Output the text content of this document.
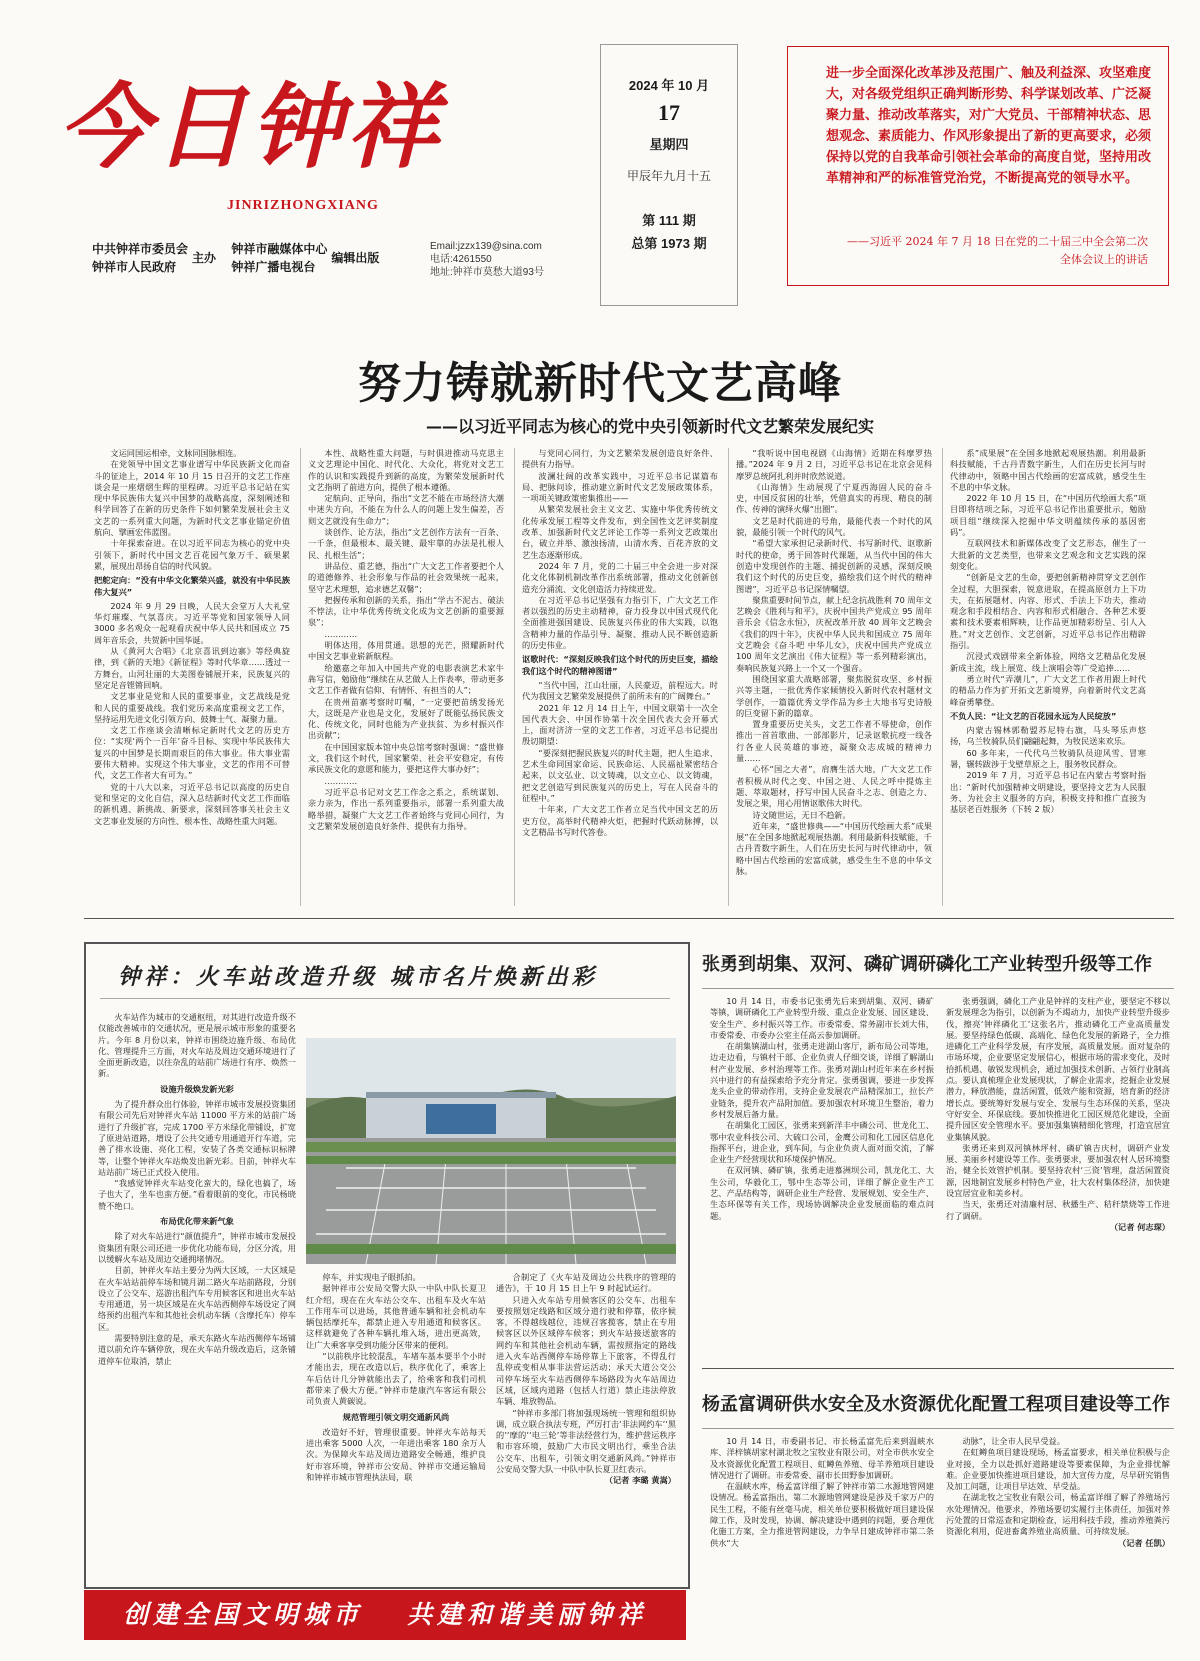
今日钟祥
JINRIZHONGXIANG
中共钟祥市委员会
钟祥市人民政府
主办
钟祥市融媒体中心
钟祥广播电视台
编辑出版
Email:jzzx139@sina.com
电话:4261550
地址:钟祥市莫愁大道93号
2024 年 10 月
17
星期四
甲辰年九月十五
第 111 期
总第 1973 期
进一步全面深化改革涉及范围广、触及利益深、攻坚难度大，对各级党组织正确判断形势、科学谋划改革、广泛凝聚力量、推动改革落实，对广大党员、干部精神状态、思想观念、素质能力、作风形象提出了新的更高要求，必须保持以党的自我革命引领社会革命的高度自觉，坚持用改革精神和严的标准管党治党，不断提高党的领导水平。
——习近平 2024 年 7 月 18 日在党的二十届三中全会第二次全体会议上的讲话
努力铸就新时代文艺高峰
——以习近平同志为核心的党中央引领新时代文艺繁荣发展纪实

文运同国运相牵，文脉同国脉相连。

在党领导中国文艺事业谱写中华民族新文化而奋斗的征途上，2014 年 10 月 15 日召开的文艺工作座谈会是一座熠熠生辉的里程碑。习近平总书记站在实现中华民族伟大复兴中国梦的战略高度，深刻阐述和科学回答了在新的历史条件下如何繁荣发展社会主义文艺的一系列重大问题，为新时代文艺事业锚定价值航向、擘画宏伟蓝图。

十年探索奋进。在以习近平同志为核心的党中央引领下，新时代中国文艺百花园气象万千、硕果累累，展现出昂扬自信的时代风貌。

把舵定向：“没有中华文化繁荣兴盛，就没有中华民族伟大复兴”

2024 年 9 月 29 日晚，人民大会堂万人大礼堂华灯璀璨、气氛喜庆。习近平等党和国家领导人同 3000 多名观众一起观看庆祝中华人民共和国成立 75 周年音乐会，共贺新中国华诞。

从《黄河大合唱》《北京喜讯到边寨》等经典旋律，到《新的天地》《新征程》等时代华章……透过一方舞台，山河壮丽的大美图卷铺展开来，民族复兴的坚定足音铿锵回响。

文艺事业是党和人民的重要事业，文艺战线是党和人民的重要战线。我们党历来高度重视文艺工作，坚持运用先进文化引领方向、鼓舞士气、凝聚力量。

文艺工作座谈会清晰标定新时代文艺的历史方位：“实现‘两个一百年’奋斗目标、实现中华民族伟大复兴的中国梦是长期而艰巨的伟大事业。伟大事业需要伟大精神。实现这个伟大事业，文艺的作用不可替代，文艺工作者大有可为。”

党的十八大以来，习近平总书记以高度的历史自觉和坚定的文化自信，深入总结新时代文艺工作面临的新机遇、新挑战、新要求，深刻回答事关社会主义文艺事业发展的方向性、根本性、战略性重大问题。

本性、战略性重大问题，与时俱进推动马克思主义文艺理论中国化、时代化、大众化，将党对文艺工作的认识和实践提升到新的高度，为繁荣发展新时代文艺指明了前进方向，提供了根本遵循。

定航向、正导向，指出“文艺不能在市场经济大潮中迷失方向，不能在为什么人的问题上发生偏差，否则文艺就没有生命力”；

谈创作、论方法，指出“文艺创作方法有一百条、一千条，但最根本、最关键、最牢靠的办法是扎根人民、扎根生活”；

讲品位、重艺德，指出“广大文艺工作者要把个人的道德修养、社会形象与作品的社会效果统一起来，坚守艺术理想，追求德艺双馨”；

把握传承和创新的关系，指出“学古不泥古、破法不悖法，让中华优秀传统文化成为文艺创新的重要源泉”；

…………

明体达用，体用贯通。思想的光芒，照耀新时代中国文艺事业崭新航程。

给邀嘉之年加入中国共产党的电影表演艺术家牛犇写信，勉励他“继续在从艺做人上作表率，带动更多文艺工作者做有信仰、有情怀、有担当的人”；

在贵州苗寨考察时叮嘱，“一定要把苗绣发扬光大，这既是产业也是文化，发展好了既能弘扬民族文化、传统文化，同时也能为产业扶贫、为乡村振兴作出贡献”；

在中国国家版本馆中央总馆考察时强调：“盛世修文，我们这个时代，国家繁荣、社会平安稳定，有传承民族文化的意愿和能力，要把这件大事办好”；

…………

习近平总书记对文艺工作念之系之，系统谋划、亲力亲为，作出一系列重要指示，部署一系列重大战略举措，凝聚广大文艺工作者始终与党同心同行，为文艺繁荣发展创造良好条件、提供有力指导。

与党同心同行，为文艺繁荣发展创造良好条件、提供有力指导。

波澜壮阔的改革实践中，习近平总书记谋篇布局、把脉问诊，推动建立新时代文艺发展政策体系，一项项关键政策密集推出——

从繁荣发展社会主义文艺、实施中华优秀传统文化传承发展工程等文件发布，到全国性文艺评奖制度改革、加强新时代文艺评论工作等一系列文艺政策出台，破立并举、激浊扬清，山清水秀、百花齐放的文艺生态逐渐形成。

2024 年 7 月，党的二十届三中全会进一步对深化文化体制机制改革作出系统部署，推动文化创新创造充分涌流、文化创造活力持续迸发。

在习近平总书记坚强有力指引下，广大文艺工作者以强烈的历史主动精神，奋力投身以中国式现代化全面推进强国建设、民族复兴伟业的伟大实践，以饱含精神力量的作品引导、凝聚、推动人民不断创造新的历史伟业。

讴歌时代：“深刻反映我们这个时代的历史巨变，描绘我们这个时代的精神图谱”

“当代中国，江山壮丽，人民豪迈，前程远大。时代为我国文艺繁荣发展提供了前所未有的广阔舞台。”

2021 年 12 月 14 日上午，中国文联第十一次全国代表大会、中国作协第十次全国代表大会开幕式上，面对济济一堂的文艺工作者，习近平总书记提出殷切期望：

“要深刻把握民族复兴的时代主题，把人生追求、艺术生命同国家命运、民族命运、人民福祉紧密结合起来，以文弘业、以文铸魂，以文立心、以文铸魂，把文艺创造写到民族复兴的历史上，写在人民奋斗的征程中。”

十年来，广大文艺工作者立足当代中国文艺的历史方位，高举时代精神火炬，把握时代跃动脉搏，以文艺精品书写时代答卷。

“我听说中国电视剧《山海情》近期在科摩罗热播。”2024 年 9 月 2 日，习近平总书记在北京会见科摩罗总统阿扎利并时欣然说道。

《山海情》生动展现了宁夏西海固人民的奋斗史，中国反贫困的壮举，凭借真实的再现、精良的制作、传神的演绎火爆“出圈”。

文艺是时代前进的号角，最能代表一个时代的风貌，最能引领一个时代的风气。

“希望大家承担记录新时代、书写新时代、讴歌新时代的使命，勇于回答时代课题，从当代中国的伟大创造中发现创作的主题、捕捉创新的灵感，深刻反映我们这个时代的历史巨变，描绘我们这个时代的精神图谱”，习近平总书记深情嘱望。

聚焦重要时间节点，献上纪念抗战胜利 70 周年文艺晚会《胜利与和平》，庆祝中国共产党成立 95 周年音乐会《信念永恒》，庆祝改革开放 40 周年文艺晚会《我们的四十年》，庆祝中华人民共和国成立 75 周年文艺晚会《奋斗吧 中华儿女》，庆祝中国共产党成立 100 周年文艺演出《伟大征程》等一系列精彩演出，奏响民族复兴路上一个又一个强音。

围绕国家重大战略部署，聚焦脱贫攻坚、乡村振兴等主题，一批优秀作家倾情投入新时代农村题材文学创作，一篇篇优秀文学作品为乡土大地书写史诗般的巨变留下新的篇章。

置身重要历史关头，文艺工作者不辱使命，创作推出一首首歌曲、一部部影片，记录讴歌抗疫一线各行各业人民英雄的事迹，凝聚众志成城的精神力量……

心怀“国之大者”，肩膺生活大地，广大文艺工作者积极从时代之变、中国之进、人民之呼中提炼主题、萃取题材，抒写中国人民奋斗之志、创造之力、发展之果，用心用情讴歌伟大时代。

诗文随世运，无日不趋新。

近年来，“盛世修典——“中国历代绘画大系”成果展”在全国多地掀起观展热潮。利用最新科技赋能，千古丹青数字新生，人们在历史长河与时代律动中，领略中国古代绘画的宏富成就，感受生生不息的中华文脉。

系”成果展”在全国多地掀起观展热潮。利用最新科技赋能，千古丹青数字新生，人们在历史长河与时代律动中，领略中国古代绘画的宏富成就，感受生生不息的中华文脉。

2022 年 10 月 15 日，在“中国历代绘画大系”项目即将结项之际，习近平总书记作出重要批示，勉励项目组“继续深入挖掘中华文明蕴续传承的基因密码”。

互联网技术和新媒体改变了文艺形态，催生了一大批新的文艺类型，也带来文艺观念和文艺实践的深刻变化。

“创新是文艺的生命，要把创新精神贯穿文艺创作全过程，大胆探索，锐意进取，在提高原创力上下功夫，在拓展题材、内容、形式、手法上下功夫，推动观念和手段相结合、内容和形式相融合、各种艺术要素和技术要素相辉映，让作品更加精彩纷呈、引人入胜。”对文艺创作、文艺创新，习近平总书记作出精辟指引。

沉浸式戏剧带来全新体验，网络文艺精品化发展新成主流，线上展览、线上演唱会等广受追捧……

勇立时代“弄潮儿”，广大文艺工作者用跟上时代的精品力作为扩开拓文艺新境界，向着新时代文艺高峰奋勇攀登。

不负人民：“让文艺的百花园永远为人民绽放”

内蒙古锡林郭勒盟苏尼特右旗，马头琴乐声悠扬，乌兰牧骑队员们翩翩起舞，为牧民送来欢乐。

60 多年来，一代代乌兰牧骑队员迎风雪、冒寒暑，辗转跋涉于戈壁草原之上，服务牧民群众。

2019 年 7 月，习近平总书记在内蒙古考察时指出：“新时代加强精神文明建设，要坚持文艺为人民服务、为社会主义服务的方向，积极支持和推广直接为基层老百姓服务（下转 2 版）

钟祥：火车站改造升级 城市名片焕新出彩

火车站作为城市的交通枢纽，对其进行改造升级不仅能改善城市的交通状况，更是展示城市形象的重要名片。今年 8 月份以来，钟祥市围绕边施升级、布局优化、管理提升三方面，对火车站及周边交通环境进行了全面更新改造，以往杂乱的站前广场进行有序、焕然一新。

设施升级焕发新光彩

为了提升群众出行体验，钟祥市城市发展投资集团有限公司先后对钟祥火车站 11000 平方米的站前广场进行了升级扩容，完成 1700 平方米绿化带铺设，扩宽了原进站道路，增设了公共交通专用通道开行车道，完善了排水设施、亮化工程，安装了各类交通标识标牌等，让整个钟祥火车站焕发出新光彩。目前，钟祥火车站站前广场已正式投入使用。

“我感觉钟祥火车站变化蛮大的，绿化也搞了，场子也大了，坐车也蛮方便。”看着眼前的变化，市民杨晓赞不绝口。

布局优化带来新气象

除了对火车站进行“颜值提升”，钟祥市城市发展投资集团有限公司还进一步优化功能布局，分区分流，用以缓解火车站及周边交通拥堵情况。

目前，钟祥火车站主要分为两大区域，一大区域是在火车站站前停车场和镜月湖二路火车站前路段，分别设立了公交车、巡游出租汽车专用候客区和进出火车站专用通道，另一块区域是在火车站西侧停车场设定了网络预约出租汽车和其他社会机动车辆（含摩托车）停车区。

需要特别注意的是，承天东路火车站西侧停车场铺道以前允许车辆停放，现在火车站升级改造后，这条铺道停车位取消，禁止

停车，并实现电子眼抓拍。

据钟祥市公安局交警大队一中队中队长夏卫红介绍，现在在火车站公交车、出租车及火车站工作用车可以进场，其他普通车辆和社会机动车辆包括摩托车，都禁止进入专用通道和候客区。这样就避免了各种车辆扎堆入场，进出更高效，让广大乘客享受到功能分区带来的便利。

“以前秩序比较混乱，车堵车基本要半个小时才能出去，现在改造以后，秩序优化了，乘客上车后估计几分钟就能出去了，给乘客和我们司机都带来了极大方便。”钟祥市楚康汽车客运有限公司负责人黄碳说。

规范管理引领文明交通新风尚

改造好不好，管理很重要。钟祥火车站每天进出乘客 5000 人次，一年进出乘客 180 余万人次。为保障火车站及周边道路安全畅通，维护良好市容环境，钟祥市公安局、钟祥市交通运输局和钟祥市城市管理执法局，联

合制定了《火车站及周边公共秩序的管理的通告》，于 10 月 15 日上午 9 时起试运行。

只进入火车站专用候客区的公交车、出租车要按照划定线路和区域分道行驶和停靠，依序候客，不得越线越位，违规召客揽客，禁止在专用候客区以外区域停车候客；到火车站接送旅客的网约车和其他社会机动车辆，需按照指定的路线进入火车站西侧停车场停靠上下旅客，不得乱行乱停或变相从事非法营运活动；承天大道公交公司停车场至火车站西侧停车场路段为火车站周边区域，区域内道路（包括人行道）禁止违法停放车辆、堆放物品。

“钟祥市多部门将加强现场统一管理和组织协调，成立联合执法专班，严厉打击‘非法网约车’‘黑的’‘摩的’‘电三轮’等非法经营行为，维护营运秩序和市容环境，鼓励广大市民文明出行，乘坐合法公交车、出租车，引领文明交通新风尚。”钟祥市公安局交警大队一中队中队长夏卫红表示。

（记者 李璐 黄嵩）

创建全国文明城市 共建和谐美丽钟祥
张勇到胡集、双河、磷矿调研磷化工产业转型升级等工作

10 月 14 日，市委书记张勇先后来到胡集、双河、磷矿等镇，调研磷化工产业转型升级、重点企业发展、园区建设、安全生产、乡村振兴等工作。市委常委、常务副市长刘大伟，市委常委、市委办公室主任高云参加调研。

在胡集镇湖山村，张勇走进湖山客厅，新布局公司等地，边走边看，与镇村干部、企业负责人仔细交谈，详细了解湖山村产业发展、乡村治理等工作。张勇对湖山村近年来在乡村振兴中进行的有益探索给予充分肯定。张勇强调，要进一步发挥龙头企业的带动作用，支持企业发展农产品精深加工，拉长产业链条，提升农产品附加值。要加强农村环境卫生整治，着力乡村发展后备力量。

在胡集化工园区，张勇来到新洋丰中磷公司、世龙化工、鄂中农业科技公司、大硫口公司，金鹰公司和化工园区信息化指挥平台，进企业，到车间，与企业负责人面对面交流，了解企业生产经营现状和环境保护情况。

在双河镇、磷矿镇，张勇走进慕洲坝公司，凯龙化工、大生公司，华毅化工，鄂中生态等公司，详细了解企业生产工艺、产品结构等，调研企业生产经营、发展规划、安全生产、生态环保等有关工作，现场协调解决企业发展面临的难点问题。

张勇强调，磷化工产业是钟祥的支柱产业，要坚定不移以新发展理念为指引，以创新为不竭动力，加快产业转型升级步伐，擦亮‘钟祥磷化工’这张名片，推动磷化工产业高质量发展。要坚持绿色低碳、高端化、绿色化发展的新路子，全力推进磷化工产业科学发展，有序发展，高质量发展。面对复杂的市场环境，企业要坚定发展信心，根据市场的需求变化，及时拾抓机遇、敏锐发现机会，通过加强技术创新、占领行业制高点。要认真梳理企业发展现状，了解企业需求，挖掘企业发展潜力，释放潜能，盘活闲置，低效产能和资源，培育新的经济增长点。要统筹好发展与安全、发展与生态环保的关系，坚决守好安全、环保底线。要加快推进化工园区规范化建设，全面提升园区安全管理水平。要加强集镇精细化管理，打造宜居宜业集镇风貌。

张勇还来到双河镇林坪村、磷矿镇吉庆村，调研产业发展、美丽乡村建设等工作。张勇要求，要加强农村人居环境整治，健全长效管护机制。要坚持农村‘三资’管理，盘活闲置资源，因地制宜发展乡村特色产业，壮大农村集体经济，加快建设宜居宜业和美乡村。

当天，张勇还对清廉村居、秋播生产、秸秆禁烧等工作进行了调研。

（记者 何志琛）

杨孟富调研供水安全及水资源优化配置工程项目建设等工作

10 月 14 日，市委副书记、市长杨孟富先后来到温峡水库、洋梓镇胡家村湖北牧之宝牧业有限公司，对全市供水安全及水资源优化配置工程项目、虹鳟鱼养殖、母羊养殖项目建设情况进行了调研。市委常委、副市长田野参加调研。

在温峡水库，杨孟富详细了解了钟祥市第二水源地管网建设情况。杨孟富指出，第二水源地管网建设是涉及千家万户的民生工程，不能有丝毫马虎，相关单位要积极做好项目建设保障工作，及时发现，协调、解决建设中遇到的问题，要合理优化施工方案，全力推进管网建设，力争早日建成钟祥市第二条供水“大

动脉”，让全市人民早受益。

在虹鳟鱼项目建设现场，杨孟富要求，相关单位积极与企业对接，全力以赴抓好道路建设等要素保障，为企业排忧解难。企业要加快推进项目建设，加大宣传力度，尽早研究销售及加工问题，让项目早达效、早受益。

在湖北牧之宝牧业有限公司，杨孟富详细了解了养殖场污水处理情况。他要求，养殖场要切实履行主体责任，加强对养污处置的日常巡查和定期检查，运用科技手段，推动养殖粪污资源化利用，促进畜禽养殖业高质量、可持续发展。

（记者 任凯）
